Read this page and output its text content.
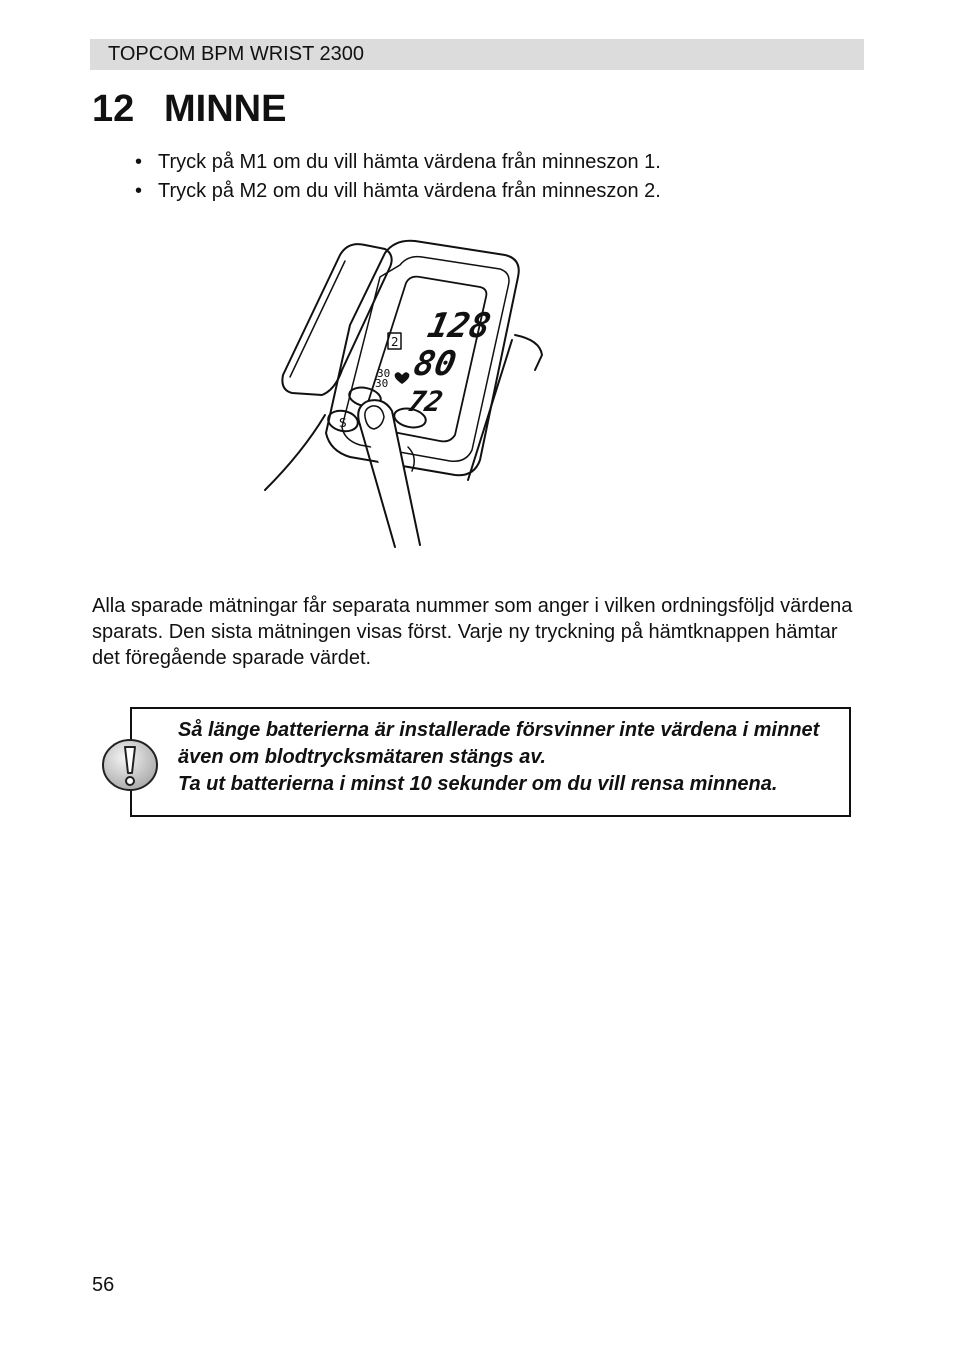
TOPCOM BPM WRIST 2300
12 MINNE
• Tryck på M1 om du vill hämta värdena från minneszon 1.
• Tryck på M2 om du vill hämta värdena från minneszon 2.
128
80
72
30
30
2
S

Alla sparade mätningar får separata nummer som anger i vilken ordningsföljd värdena sparats. Den sista mätningen visas först. Varje ny tryckning på hämtknappen hämtar det föregående sparade värdet.

Så länge batterierna är installerade försvinner inte värdena i minnet även om blodtrycksmätaren stängs av.

Ta ut batterierna i minst 10 sekunder om du vill rensa minnena.

56
